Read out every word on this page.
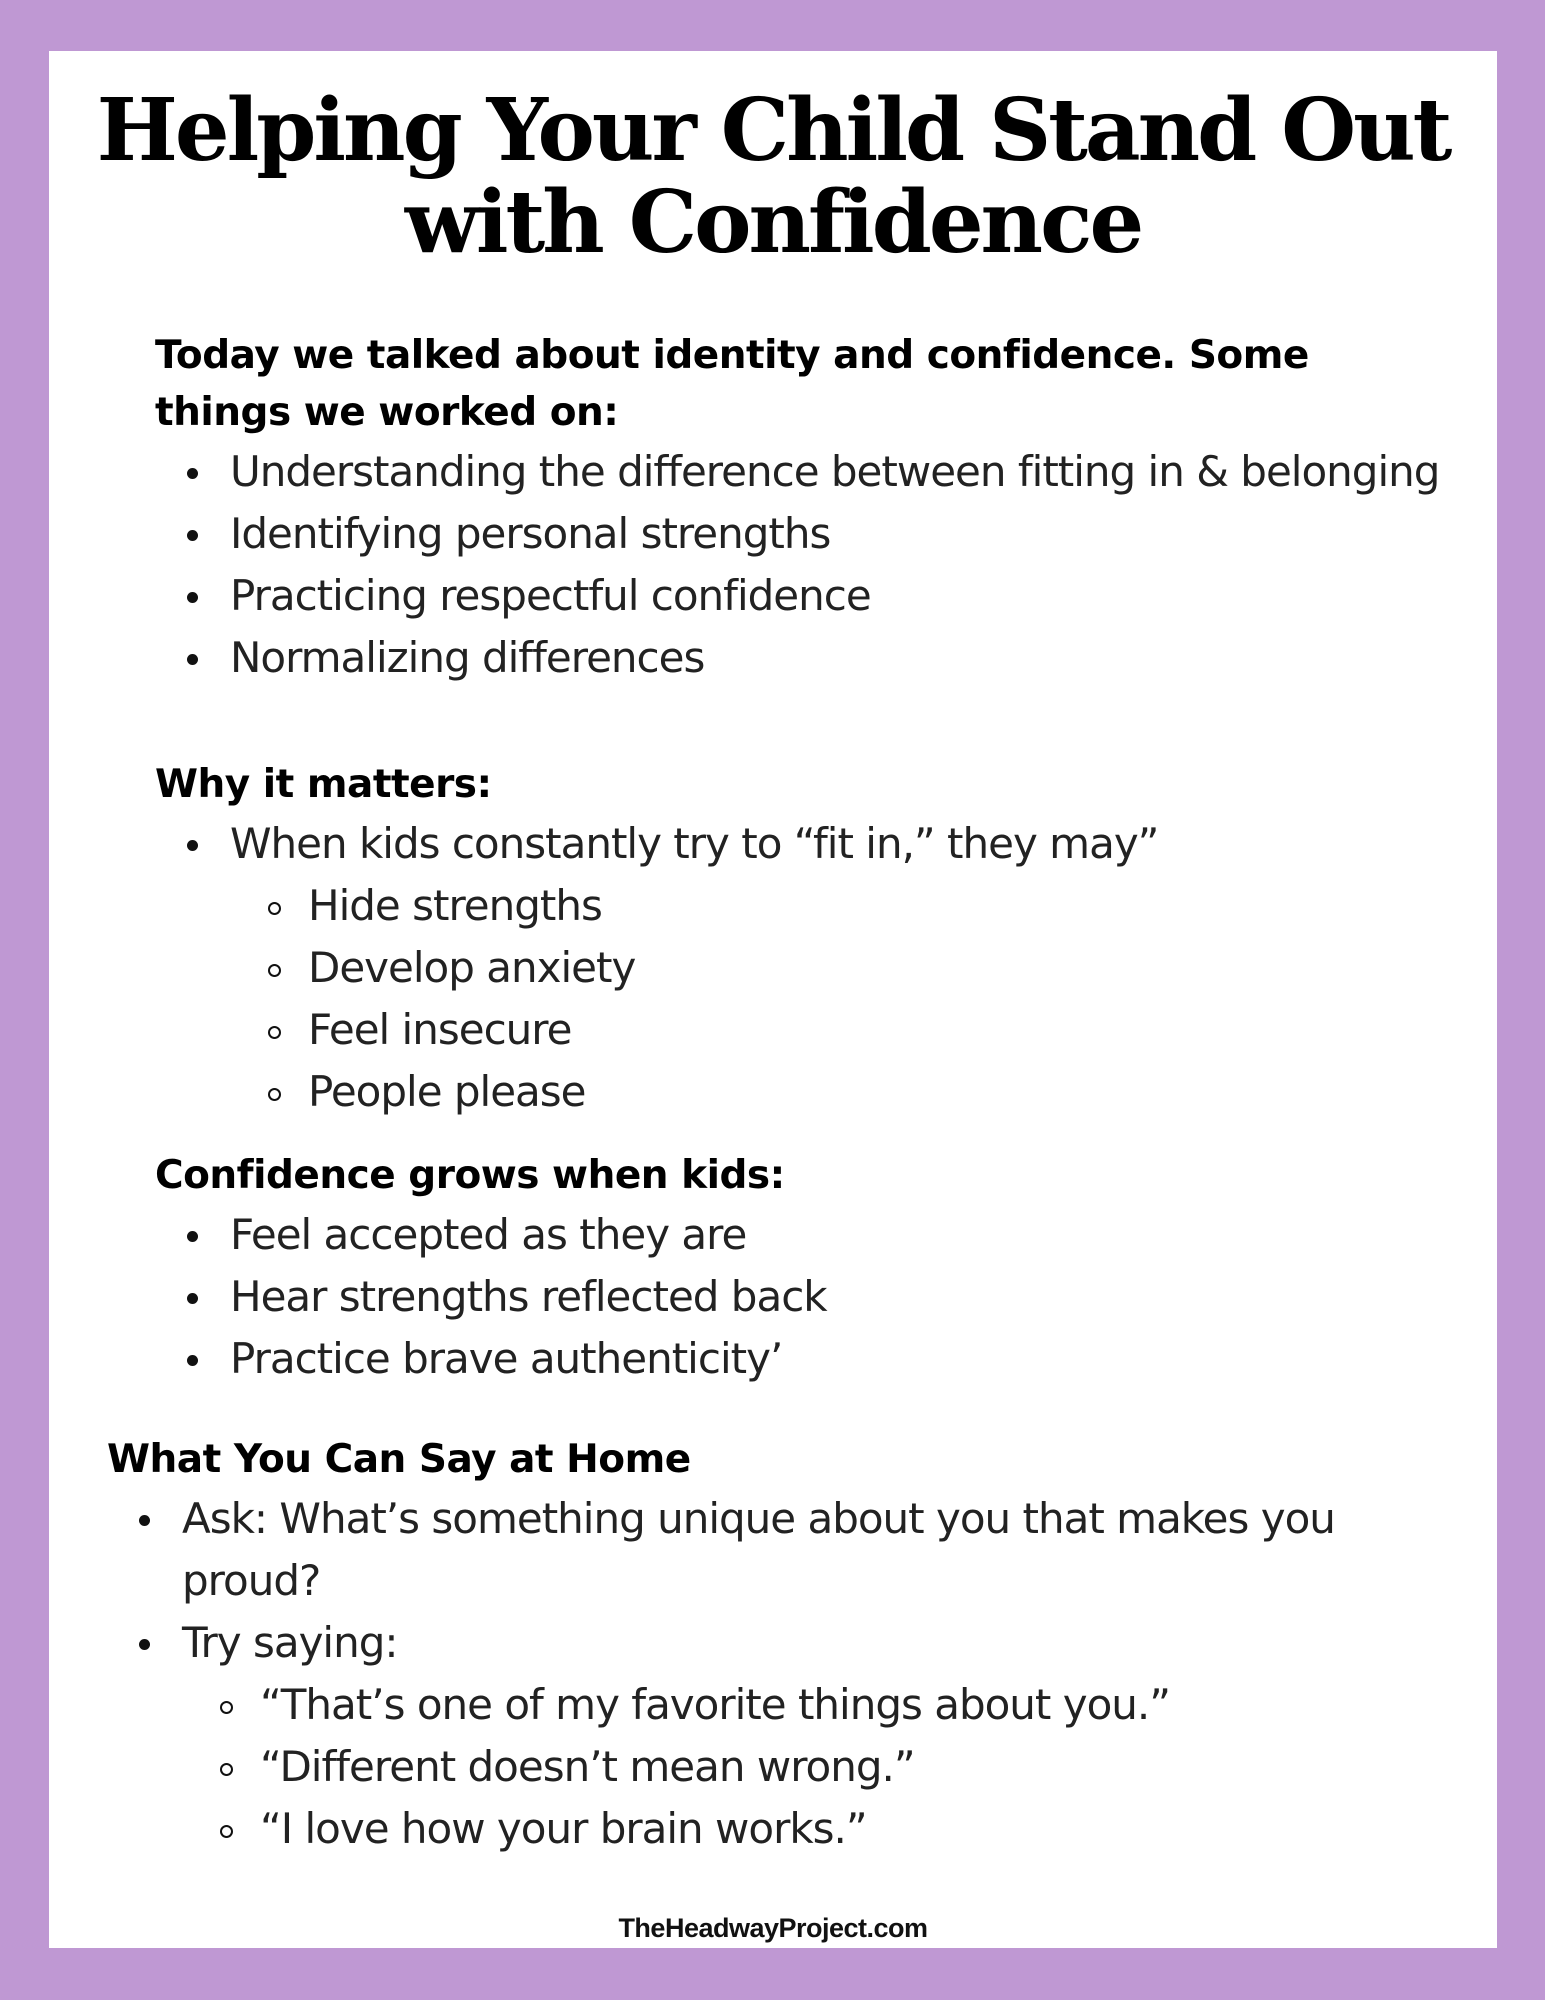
Helping Your Child Stand Out
with Confidence
Today we talked about identity and confidence. Some things we worked on:
Understanding the difference between fitting in & belonging
Identifying personal strengths
Practicing respectful confidence
Normalizing differences
Why it matters:
When kids constantly try to “fit in,” they may”
Hide strengths
Develop anxiety
Feel insecure
People please
Confidence grows when kids:
Feel accepted as they are
Hear strengths reflected back
Practice brave authenticity’
What You Can Say at Home
Ask: What’s something unique about you that makes you proud?
Try saying:
“That’s one of my favorite things about you.”
“Different doesn’t mean wrong.”
“I love how your brain works.”

TheHeadwayProject.com
